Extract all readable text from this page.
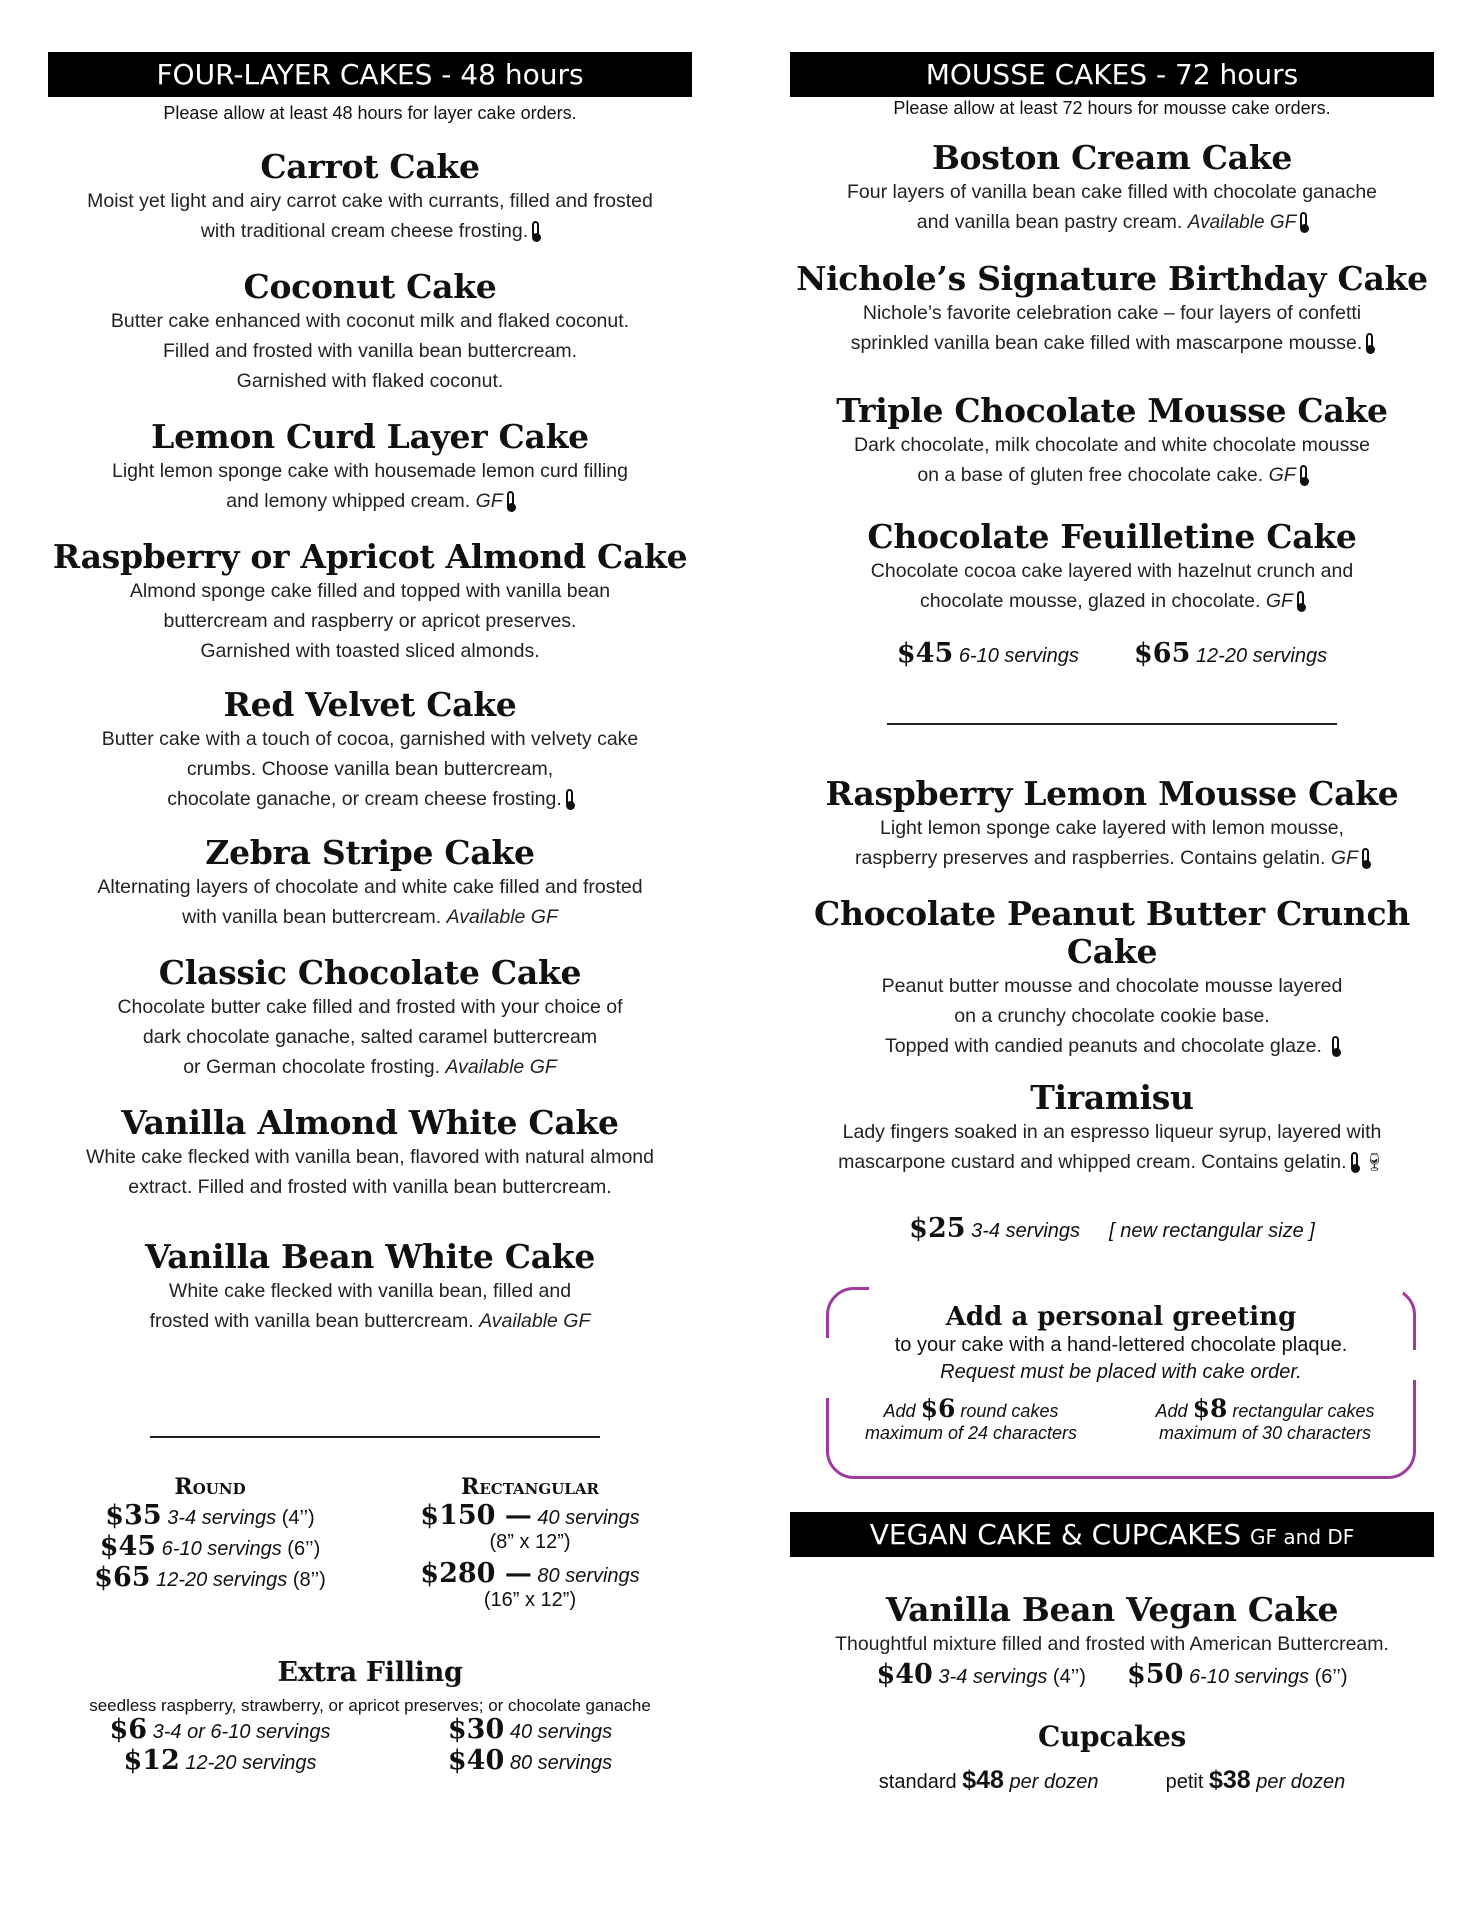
FOUR-LAYER CAKES - 48 hours
Please allow at least 48 hours for layer cake orders.
Carrot Cake
Moist yet light and airy carrot cake with currants, filled and frosted
with traditional cream cheese frosting.
Coconut Cake
Butter cake enhanced with coconut milk and flaked coconut.
Filled and frosted with vanilla bean buttercream.
Garnished with flaked coconut.
Lemon Curd Layer Cake
Light lemon sponge cake with housemade lemon curd filling
and lemony whipped cream. GF
Raspberry or Apricot Almond Cake
Almond sponge cake filled and topped with vanilla bean
buttercream and raspberry or apricot preserves.
Garnished with toasted sliced almonds.
Red Velvet Cake
Butter cake with a touch of cocoa, garnished with velvety cake
crumbs. Choose vanilla bean buttercream,
chocolate ganache, or cream cheese frosting.
Zebra Stripe Cake
Alternating layers of chocolate and white cake filled and frosted
with vanilla bean buttercream. Available GF
Classic Chocolate Cake
Chocolate butter cake filled and frosted with your choice of
dark chocolate ganache, salted caramel buttercream
or German chocolate frosting. Available GF
Vanilla Almond White Cake
White cake flecked with vanilla bean, flavored with natural almond
extract. Filled and frosted with vanilla bean buttercream.
Vanilla Bean White Cake
White cake flecked with vanilla bean, filled and
frosted with vanilla bean buttercream. Available GF
Round
$35 3-4 servings (4’’)
$45 6-10 servings (6’’)
$65 12-20 servings (8’’)
Rectangular
$150 — 40 servings
(8” x 12”)
$280 — 80 servings
(16” x 12”)
Extra Filling
seedless raspberry, strawberry, or apricot preserves; or chocolate ganache
$6 3-4 or 6-10 servings
$12 12-20 servings
$30 40 servings
$40 80 servings
MOUSSE CAKES - 72 hours
Please allow at least 72 hours for mousse cake orders.
Boston Cream Cake
Four layers of vanilla bean cake filled with chocolate ganache
and vanilla bean pastry cream. Available GF
Nichole’s Signature Birthday Cake
Nichole’s favorite celebration cake – four layers of confetti
sprinkled vanilla bean cake filled with mascarpone mousse.
Triple Chocolate Mousse Cake
Dark chocolate, milk chocolate and white chocolate mousse
on a base of gluten free chocolate cake. GF
Chocolate Feuilletine Cake
Chocolate cocoa cake layered with hazelnut crunch and
chocolate mousse, glazed in chocolate. GF
$45 6-10 servings $65 12-20 servings
Raspberry Lemon Mousse Cake
Light lemon sponge cake layered with lemon mousse,
raspberry preserves and raspberries. Contains gelatin. GF
Chocolate Peanut Butter Crunch Cake
Peanut butter mousse and chocolate mousse layered
on a crunchy chocolate cookie base.
Topped with candied peanuts and chocolate glaze.
Tiramisu
Lady fingers soaked in an espresso liqueur syrup, layered with
mascarpone custard and whipped cream. Contains gelatin. 🍷︎
$25 3-4 servings [ new rectangular size ]
Add a personal greeting
to your cake with a hand-lettered chocolate plaque.
Request must be placed with cake order.
Add $6 round cakes
maximum of 24 characters
Add $8 rectangular cakes
maximum of 30 characters
VEGAN CAKE & CUPCAKES GF and DF
Vanilla Bean Vegan Cake
Thoughtful mixture filled and frosted with American Buttercream.
$40 3-4 servings (4’’) $50 6-10 servings (6’’)
Cupcakes
standard $48 per dozen	petit $38 per dozen
